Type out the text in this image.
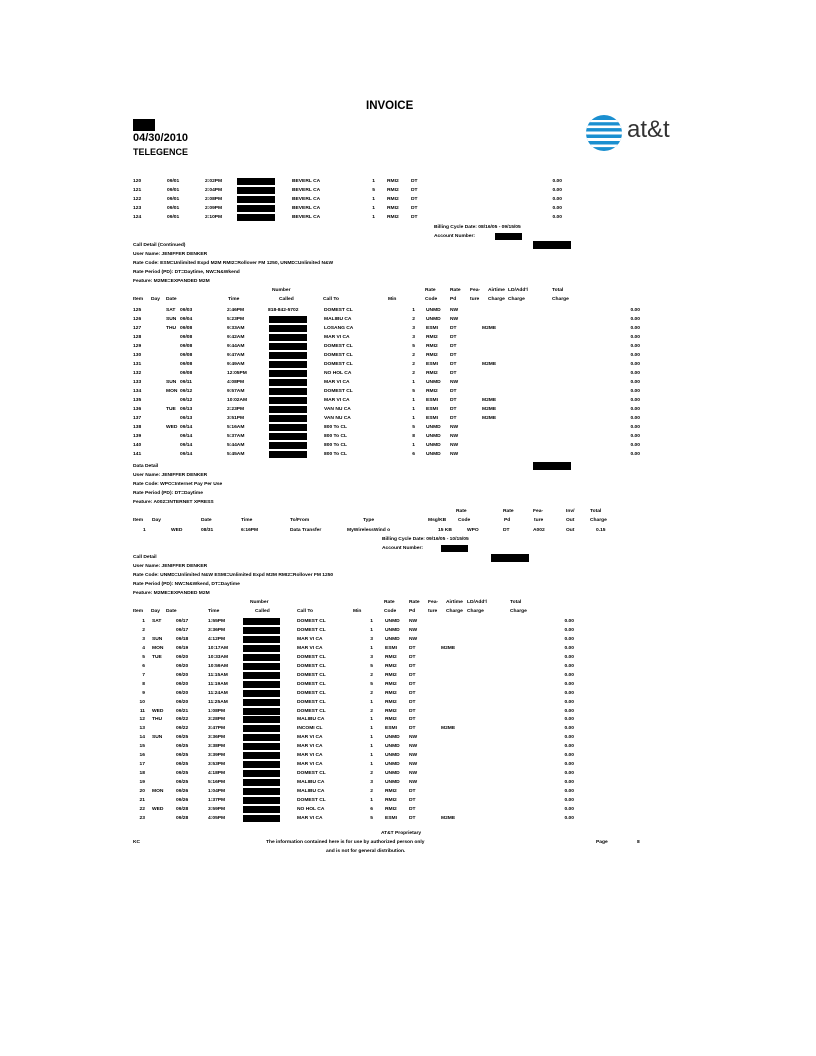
INVOICE
04/30/2010
TELEGENCE
at&t
120	09/01	2:02PM	BEVERL CA	1 RMI2	DT	0.00
121	09/01	2:04PM	BEVERL CA	5 RMI2	DT	0.00
122	09/01	2:08PM	BEVERL CA	1 RMI2	DT	0.00
123	09/01	2:09PM	BEVERL CA	1 RMI2	DT	0.00
124	09/01	2:10PM	BEVERL CA	1 RMI2	DT	0.00
Billing Cycle Date: 08/16/05 - 09/15/05
Account Number:
Call Detail (Continued)
User Name: JENIFFER DENKER
Rate Code: ESM=Unlimited Expd M2M RMI2=Rollover FM 1250, UNMD=Unlimited N&W
Rate Period (PD): DT=Daytime, NW=N&Wkend
Feature: M2ME=EXPANDED M2M
Number	Rate	Rate Fea- Airtime LD/Add'l	Total
Item Day Date	Time	Called	Call To	Min	Code	Pd	ture Charge Charge	Charge
125	SAT 09/03	2:46PM	818-842-5702	DOMEST CL	1 UNMD NW	0.00
126	SUN 09/04	5:23PM	MALIBU CA	2 UNMD NW	0.00
127	THU 09/08	9:33AM	LOSANG CA	3 ESMI DT	M2ME	0.00
128	09/08	9:42AM	MAR VI CA	3 RMI2	DT	0.00
129	09/08	9:44AM	DOMEST CL	5 RMI2	DT	0.00
130	09/08	9:47AM	DOMEST CL	2 RMI2	DT	0.00
131	09/08	9:49AM	DOMEST CL	2 ESMI DT	M2ME	0.00
132	09/08	12:05PM	NO HOL CA	2 RMI2	DT	0.00
133	SUN 09/11	4:08PM	MAR VI CA	1 UNMD NW	0.00
134	MON 09/12	9:57AM	DOMEST CL	5 RMI2	DT	0.00
135	09/12	10:02AM	MAR VI CA	1 ESMI DT	M2ME	0.00
136	TUE 09/13	2:23PM	VAN NU CA	1 ESMI DT	M2ME	0.00
137	09/13	3:51PM	VAN NU CA	1 ESMI DT	M2ME	0.00
138	WED 09/14	5:16AM	800 To CL	5 UNMD NW	0.00
139	09/14	5:37AM	800 To CL	8 UNMD NW	0.00
140	09/14	5:44AM	800 To CL	1 UNMD NW	0.00
141	09/14	5:45AM	800 To CL	6 UNMD NW	0.00
Data Detail
User Name: JENIFFER DENKER
Rate Code: WPO=Internet Pay Per Use
Rate Period (PD): DT=Daytime
Feature: A002=INTERNET XPRESS
Rate	Rate	Fea-	Inv/	Total
Item Day	Date	Time	To/From	Type	Msg/KB Code	Pd	ture	Out	Charge
1	WED	08/31	6:16PM	Data Transfer	MyWirelessWind o	15 KB	WPO	DT	A002	Out	0.15
Billing Cycle Date: 09/16/05 - 10/15/05
Account Number:
Call Detail
User Name: JENIFFER DENKER
Rate Code: UNMD=Unlimited N&W ESMI=Unlimited Expd M2M RMI2=Rollover FM 1250
Rate Period (PD): NW=N&Wkend, DT=Daytime
Feature: M2ME=EXPANDED M2M
Number	Rate	Rate Fea- Airtime LD/Add'l	Total
Item Day Date	Time	Called	Call To	Min	Code	Pd	ture Charge Charge	Charge
1 SAT	09/17	1:55PM	DOMEST CL	1 UNMD NW	0.00
2	09/17	3:36PM	DOMEST CL	1 UNMD NW	0.00
3 SUN	09/18	4:12PM	MAR VI CA	3 UNMD NW	0.00
4 MON	09/19	10:17AM	MAR VI CA	1 ESMI DT	M2ME	0.00
5 TUE	09/20	10:33AM	DOMEST CL	3 RMI2	DT	0.00
6	09/20	10:59AM	DOMEST CL	5 RMI2	DT	0.00
7	09/20	11:15AM	DOMEST CL	2 RMI2	DT	0.00
8	09/20	11:19AM	DOMEST CL	5 RMI2	DT	0.00
9	09/20	11:24AM	DOMEST CL	2 RMI2	DT	0.00
10	09/20	11:25AM	DOMEST CL	1 RMI2	DT	0.00
11 WED	09/21	1:08PM	DOMEST CL	2 RMI2	DT	0.00
12 THU	09/22	3:28PM	MALIBU CA	1 RMI2	DT	0.00
13	09/22	3:47PM	INCOMI CL	1 ESMI DT	M2ME	0.00
14 SUN	09/25	3:36PM	MAR VI CA	1 UNMD NW	0.00
15	09/25	3:38PM	MAR VI CA	1 UNMD NW	0.00
16	09/25	3:39PM	MAR VI CA	1 UNMD NW	0.00
17	09/25	3:53PM	MAR VI CA	1 UNMD NW	0.00
18	09/25	4:18PM	DOMEST CL	2 UNMD NW	0.00
19	09/25	5:16PM	MALIBU CA	3 UNMD NW	0.00
20 MON	09/26	1:04PM	MALIBU CA	2 RMI2	DT	0.00
21	09/26	1:37PM	DOMEST CL	1 RMI2	DT	0.00
22 WED	09/28	3:59PM	NO HOL CA	6 RMI2	DT	0.00
23	09/28	4:05PM	MAR VI CA	5 ESMI DT	M2ME	0.00
KC
AT&T Proprietary
The information contained here is for use by authorized person only
and is not for general distribution.
Page	8
